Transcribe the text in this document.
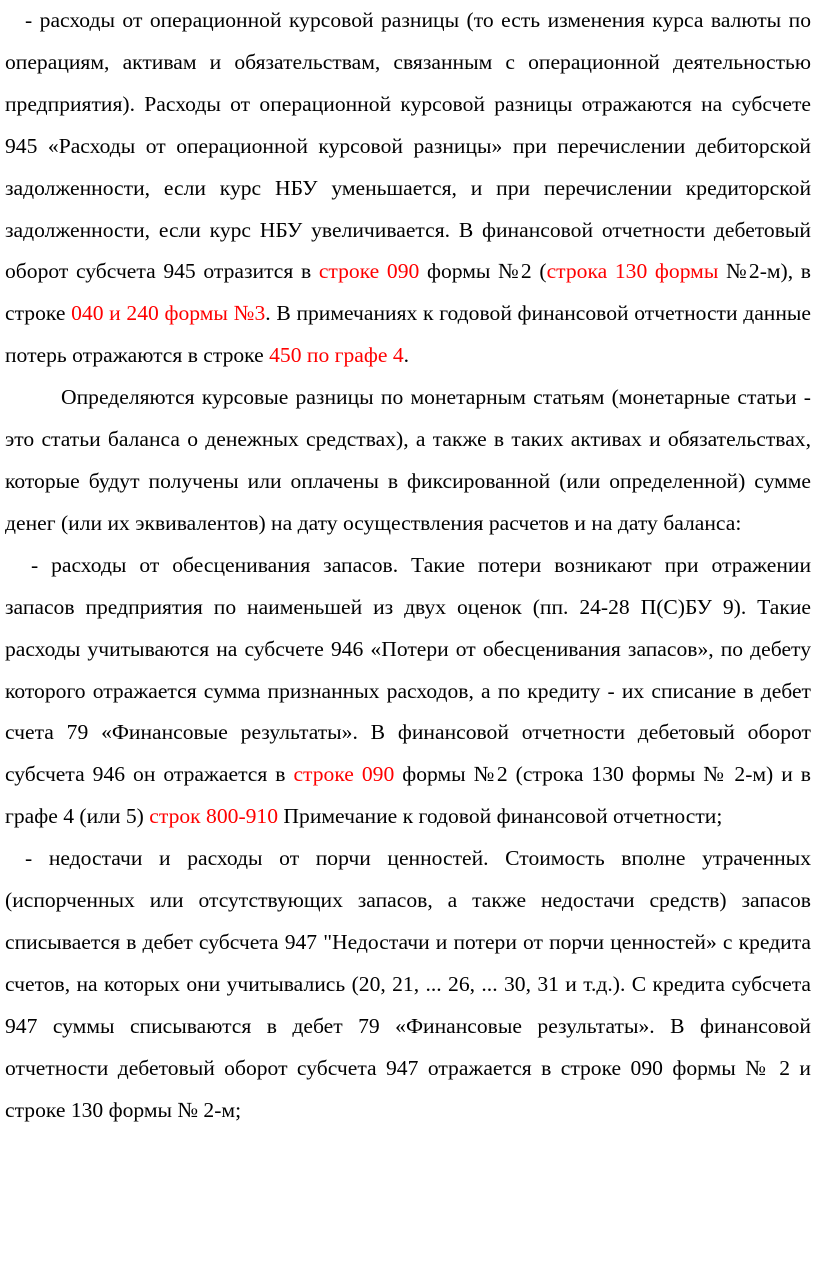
- расходы от операционной курсовой разницы (то есть изменения курса валюты по операциям, активам и обязательствам, связанным с операционной деятельностью предприятия). Расходы от операционной курсовой разницы отражаются на субсчете 945 «Расходы от операционной курсовой разницы» при перечислении дебиторской задолженности, если курс НБУ уменьшается, и при перечислении кредиторской задолженности, если курс НБУ увеличивается. В финансовой отчетности дебетовый оборот субсчета 945 отразится в строке 090 формы №2 (строка 130 формы №2-м), в строке 040 и 240 формы №3. В примечаниях к годовой финансовой отчетности данные потерь отражаются в строке 450 по графе 4.

Определяются курсовые разницы по монетарным статьям (монетарные статьи - это статьи баланса о денежных средствах), а также в таких активах и обязательствах, которые будут получены или оплачены в фиксированной (или определенной) сумме денег (или их эквивалентов) на дату осуществления расчетов и на дату баланса:

- расходы от обесценивания запасов. Такие потери возникают при отражении запасов предприятия по наименьшей из двух оценок (пп. 24-28 П(С)БУ 9). Такие расходы учитываются на субсчете 946 «Потери от обесценивания запасов», по дебету которого отражается сумма признанных расходов, а по кредиту - их списание в дебет счета 79 «Финансовые результаты». В финансовой отчетности дебетовый оборот субсчета 946 он отражается в строке 090 формы №2 (строка 130 формы № 2-м) и в графе 4 (или 5) строк 800-910 Примечание к годовой финансовой отчетности;

- недостачи и расходы от порчи ценностей. Стоимость вполне утраченных (испорченных или отсутствующих запасов, а также недостачи средств) запасов списывается в дебет субсчета 947 "Недостачи и потери от порчи ценностей» с кредита счетов, на которых они учитывались (20, 21, ... 26, ... 30, 31 и т.д.). С кредита субсчета 947 суммы списываются в дебет 79 «Финансовые результаты». В финансовой отчетности дебетовый оборот субсчета 947 отражается в строке 090 формы № 2 и строке 130 формы № 2-м;
